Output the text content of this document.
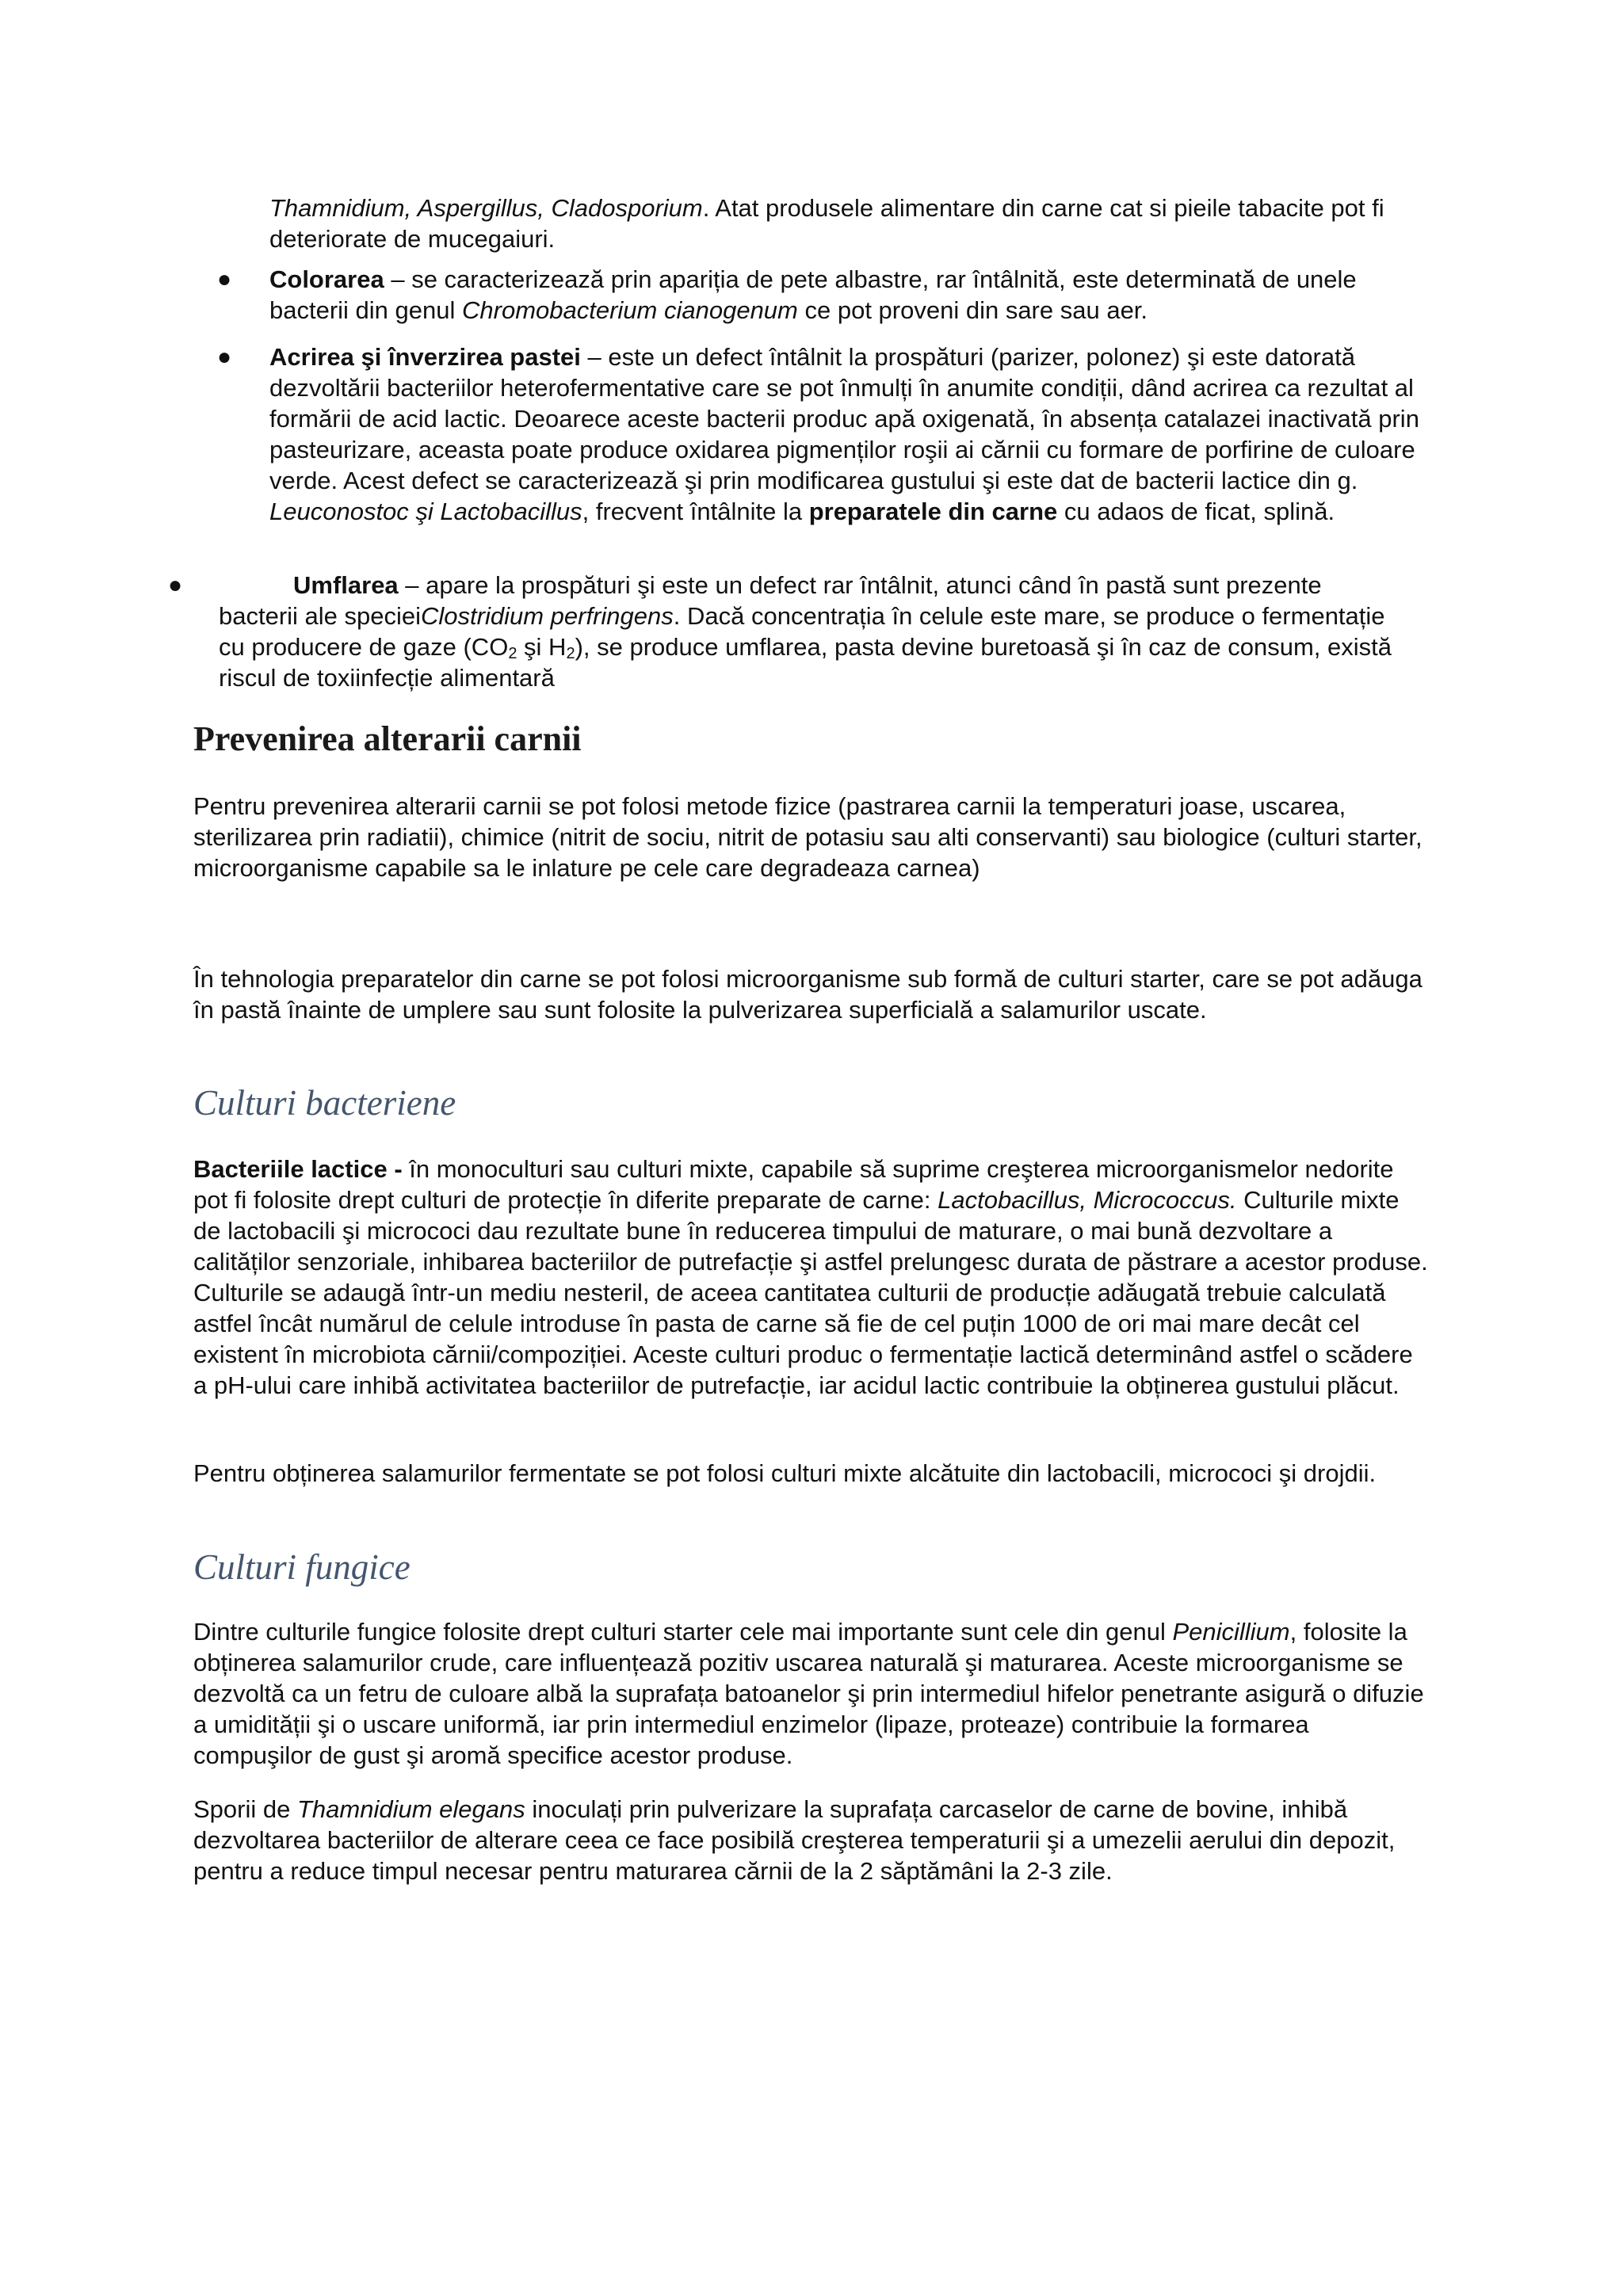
Thamnidium, Aspergillus, Cladosporium. Atat produsele alimentare din carne cat si pieile tabacite pot fi deteriorate de mucegaiuri.

● Colorarea – se caracterizează prin apariția de pete albastre, rar întâlnită, este determinată de unele bacterii din genul Chromobacterium cianogenum ce pot proveni din sare sau aer.

● Acrirea şi înverzirea pastei – este un defect întâlnit la prospături (parizer, polonez) şi este datorată dezvoltării bacteriilor heterofermentative care se pot înmulți în anumite condiții, dând acrirea ca rezultat al formării de acid lactic. Deoarece aceste bacterii produc apă oxigenată, în absența catalazei inactivată prin pasteurizare, aceasta poate produce oxidarea pigmenților roşii ai cărnii cu formare de porfirine de culoare verde. Acest defect se caracterizează şi prin modificarea gustului şi este dat de bacterii lactice din g. Leuconostoc şi Lactobacillus, frecvent întâlnite la preparatele din carne cu adaos de ficat, splină.

●	Umflarea – apare la prospături şi este un defect rar întâlnit, atunci când în pastă sunt prezente bacterii ale specieiClostridium perfringens. Dacă concentrația în celule este mare, se produce o fermentație cu producere de gaze ($CO_2$ şi $H_2$), se produce umflarea, pasta devine buretoasă şi în caz de consum, există riscul de toxiinfecție alimentară

Prevenirea alterarii carnii

Pentru prevenirea alterarii carnii se pot folosi metode fizice (pastrarea carnii la temperaturi joase, uscarea, sterilizarea prin radiatii), chimice (nitrit de sociu, nitrit de potasiu sau alti conservanti) sau biologice (culturi starter, microorganisme capabile sa le inlature pe cele care degradeaza carnea)

În tehnologia preparatelor din carne se pot folosi microorganisme sub formă de culturi starter, care se pot adăuga în pastă înainte de umplere sau sunt folosite la pulverizarea superficială a salamurilor uscate.

Culturi bacteriene

Bacteriile lactice - în monoculturi sau culturi mixte, capabile să suprime creşterea microorganismelor nedorite pot fi folosite drept culturi de protecție în diferite preparate de carne: Lactobacillus, Micrococcus. Culturile mixte de lactobacili şi micrococi dau rezultate bune în reducerea timpului de maturare, o mai bună dezvoltare a calităților senzoriale, inhibarea bacteriilor de putrefacție şi astfel prelungesc durata de păstrare a acestor produse. Culturile se adaugă într-un mediu nesteril, de aceea cantitatea culturii de producție adăugată trebuie calculată astfel încât numărul de celule introduse în pasta de carne să fie de cel puțin 1000 de ori mai mare decât cel existent în microbiota cărnii/compoziției. Aceste culturi produc o fermentație lactică determinând astfel o scădere a pH-ului care inhibă activitatea bacteriilor de putrefacție, iar acidul lactic contribuie la obținerea gustului plăcut.

Pentru obținerea salamurilor fermentate se pot folosi culturi mixte alcătuite din lactobacili, micrococi şi drojdii.

Culturi fungice

Dintre culturile fungice folosite drept culturi starter cele mai importante sunt cele din genul Penicillium, folosite la obținerea salamurilor crude, care influențează pozitiv uscarea naturală şi maturarea. Aceste microorganisme se dezvoltă ca un fetru de culoare albă la suprafața batoanelor şi prin intermediul hifelor penetrante asigură o difuzie a umidității şi o uscare uniformă, iar prin intermediul enzimelor (lipaze, proteaze) contribuie la formarea compuşilor de gust şi aromă specifice acestor produse.

Sporii de Thamnidium elegans inoculați prin pulverizare la suprafața carcaselor de carne de bovine, inhibă dezvoltarea bacteriilor de alterare ceea ce face posibilă creşterea temperaturii şi a umezelii aerului din depozit, pentru a reduce timpul necesar pentru maturarea cărnii de la 2 săptămâni la 2-3 zile.
